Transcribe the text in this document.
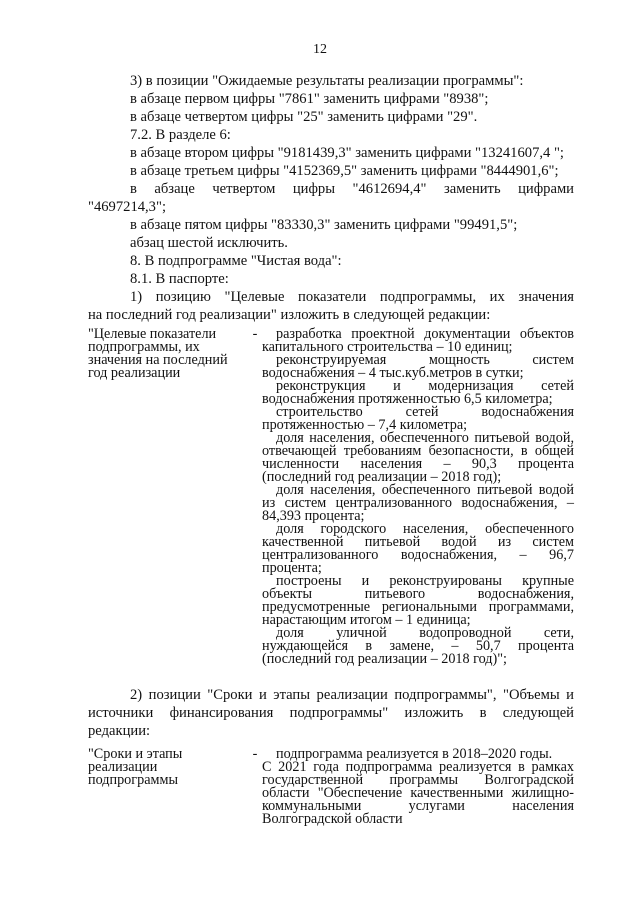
12

3) в позиции "Ожидаемые результаты реализации программы":

в абзаце первом цифры "7861" заменить цифрами "8938";

в абзаце четвертом цифры "25" заменить цифрами "29".

7.2. В разделе 6:

в абзаце втором цифры "9181439,3" заменить цифрами "13241607,4 ";

в абзаце третьем цифры "4152369,5" заменить цифрами "8444901,6";

в абзаце четвертом цифры "4612694,4" заменить цифрами

"4697214,3";

в абзаце пятом цифры "83330,3" заменить цифрами "99491,5";

абзац шестой исключить.

8. В подпрограмме "Чистая вода":

8.1. В паспорте:

1) позицию "Целевые показатели подпрограммы, их значения

на последний год реализации" изложить в следующей редакции:

"Целевые показатели подпрограммы, их значения на последний год реализации
-	разработка проектной документации объектов капитального строительства – 10 единиц;

реконструируемая мощность систем водоснабжения – 4 тыс.куб.метров в сутки;

реконструкция и модернизация сетей водоснабжения протяженностью 6,5 километра;

строительство сетей водоснабжения протяженностью – 7,4 километра;

доля населения, обеспеченного питьевой водой, отвечающей требованиям безопасности, в общей численности населения – 90,3 процента (последний год реализации – 2018 год);

доля населения, обеспеченного питьевой водой из систем централизованного водоснабжения, – 84,393 процента;

доля городского населения, обеспеченного качественной питьевой водой из систем централизованного водоснабжения, – 96,7 процента;

построены и реконструированы крупные объекты питьевого водоснабжения, предусмотренные региональными программами, нарастающим итогом – 1 единица;

доля уличной водопроводной сети, нуждающейся в замене, – 50,7 процента (последний год реализации – 2018 год)";

2) позиции "Сроки и этапы реализации подпрограммы", "Объемы и источники финансирования подпрограммы" изложить в следующей редакции:

"Сроки и этапы реализации подпрограммы
-	подпрограмма реализуется в 2018–2020 годы.

С 2021 года подпрограмма реализуется в рамках государственной программы Волгоградской области "Обеспечение качественными жилищно-коммунальными услугами населения Волгоградской области
